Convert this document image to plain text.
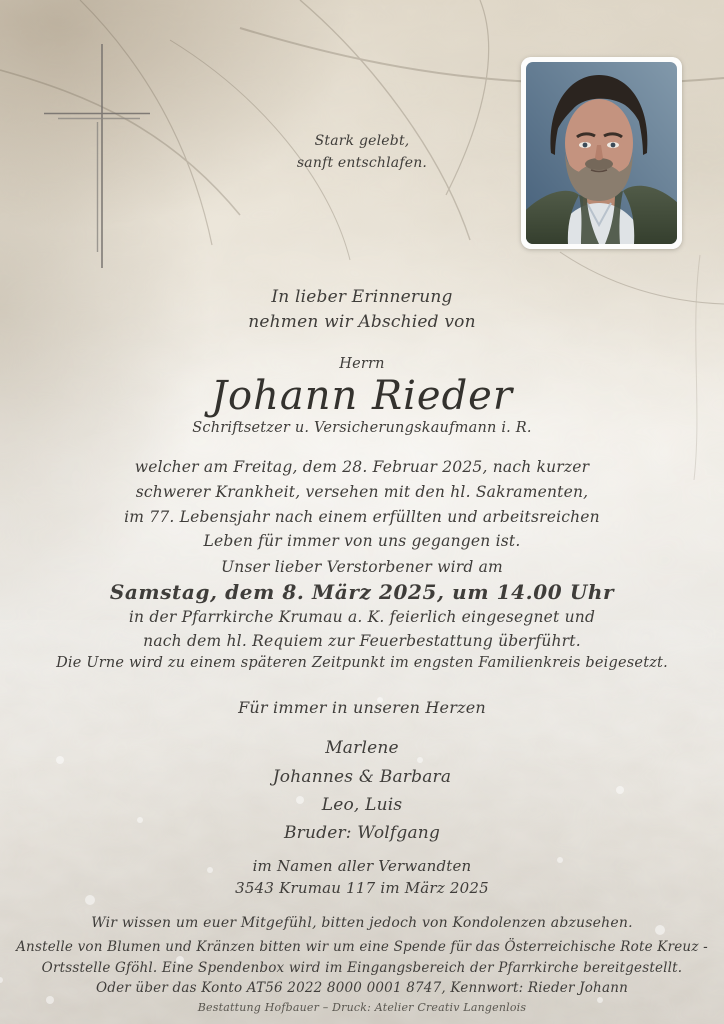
Stark gelebt,
sanft entschlafen.
In lieber Erinnerung
nehmen wir Abschied von
Herrn
Johann Rieder
Schriftsetzer u. Versicherungskaufmann i. R.
welcher am Freitag, dem 28. Februar 2025, nach kurzer
schwerer Krankheit, versehen mit den hl. Sakramenten,
im 77. Lebensjahr nach einem erfüllten und arbeitsreichen
Leben für immer von uns gegangen ist.
Unser lieber Verstorbener wird am
Samstag, dem 8. März 2025, um 14.00 Uhr
in der Pfarrkirche Krumau a. K. feierlich eingesegnet und
nach dem hl. Requiem zur Feuerbestattung überführt.
Die Urne wird zu einem späteren Zeitpunkt im engsten Familienkreis beigesetzt.
Für immer in unseren Herzen
Marlene
Johannes & Barbara
Leo, Luis
Bruder: Wolfgang
im Namen aller Verwandten
3543 Krumau 117 im März 2025
Wir wissen um euer Mitgefühl, bitten jedoch von Kondolenzen abzusehen.
Anstelle von Blumen und Kränzen bitten wir um eine Spende für das Österreichische Rote Kreuz -
Ortsstelle Gföhl. Eine Spendenbox wird im Eingangsbereich der Pfarrkirche bereitgestellt.
Oder über das Konto AT56 2022 8000 0001 8747, Kennwort: Rieder Johann
Bestattung Hofbauer – Druck: Atelier Creativ Langenlois
